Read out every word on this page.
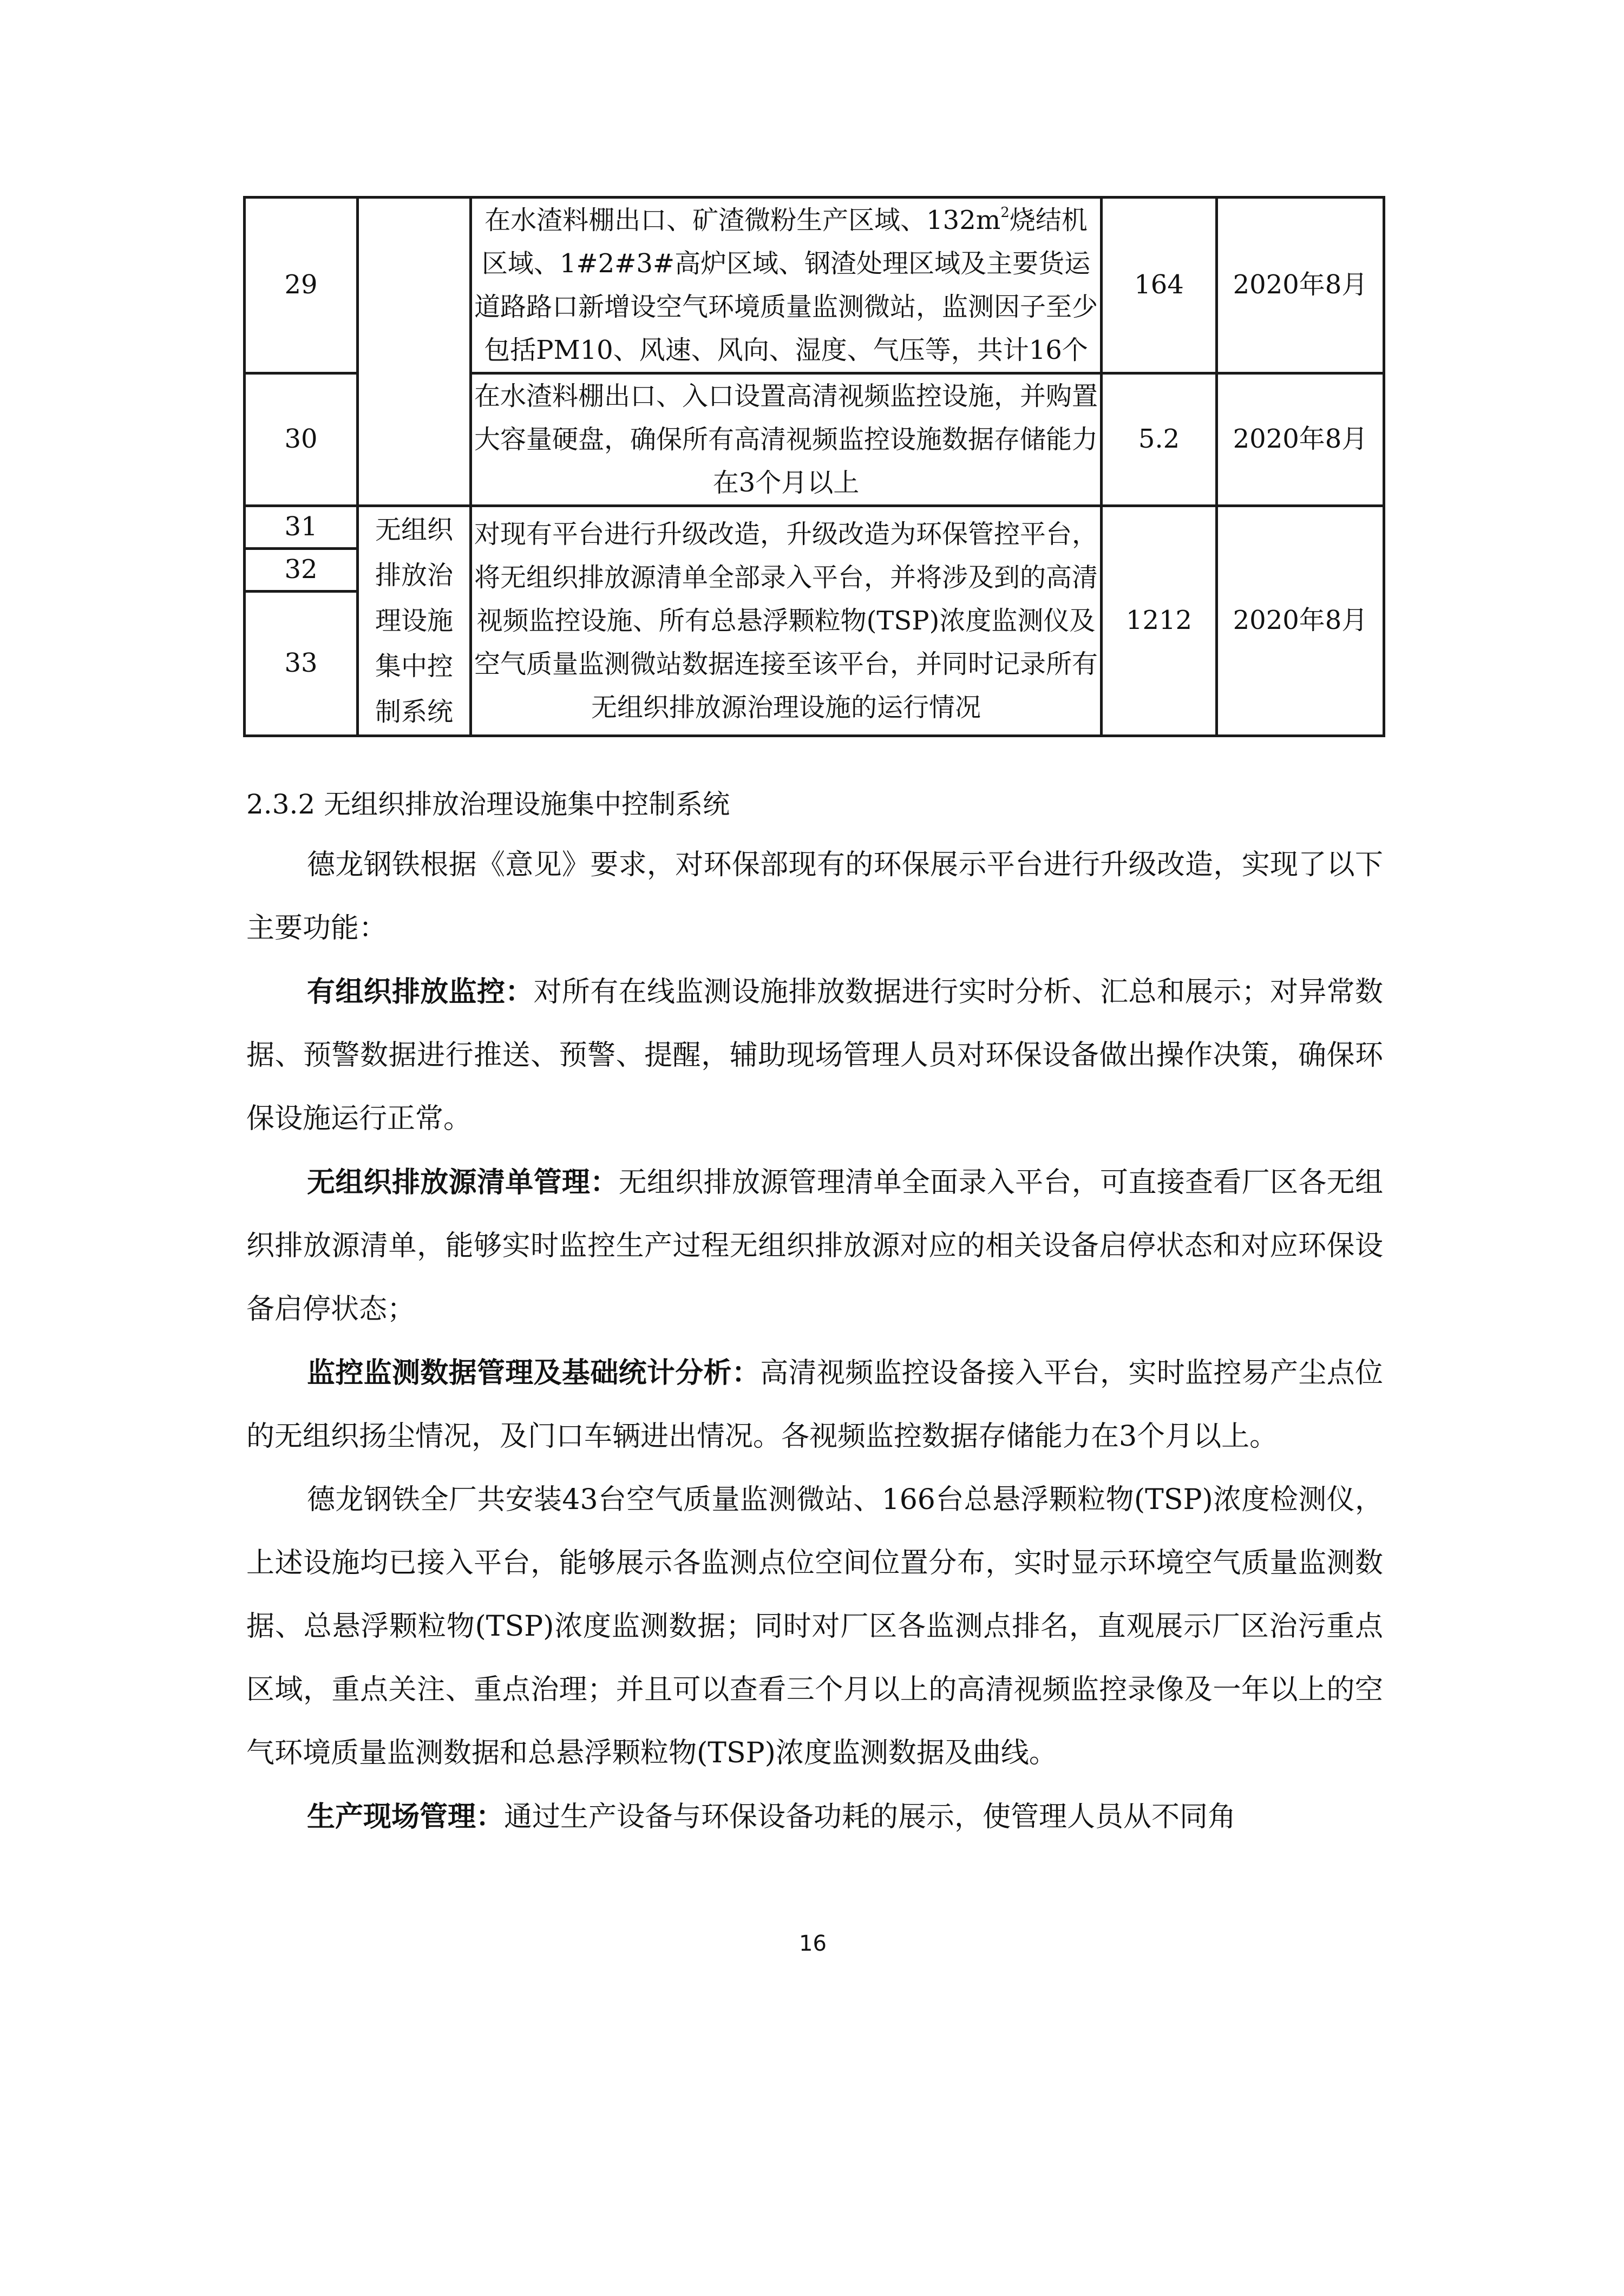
29		在水渣料棚出口、矿渣微粉生产区域、$132m^2$烧结机区域、1#2#3#高炉区域、钢渣处理区域及主要货运道路路口新增设空气环境质量监测微站，监测因子至少包括PM10、风速、风向、湿度、气压等，共计16个	164	2020年8月
30		在水渣料棚出口、入口设置高清视频监控设施，并购置大容量硬盘，确保所有高清视频监控设施数据存储能力在3个月以上	5.2	2020年8月
31	无组织排放治理设施集中控制系统	对现有平台进行升级改造，升级改造为环保管控平台，将无组织排放源清单全部录入平台，并将涉及到的高清视频监控设施、所有总悬浮颗粒物(TSP)浓度监测仪及空气质量监测微站数据连接至该平台，并同时记录所有无组织排放源治理设施的运行情况	1212	2020年8月
32				
33				
2.3.2 无组织排放治理设施集中控制系统

德龙钢铁根据《意见》要求，对环保部现有的环保展示平台进行升级改造，实现了以下主要功能：

有组织排放监控：对所有在线监测设施排放数据进行实时分析、汇总和展示；对异常数据、预警数据进行推送、预警、提醒，辅助现场管理人员对环保设备做出操作决策，确保环保设施运行正常。

无组织排放源清单管理：无组织排放源管理清单全面录入平台，可直接查看厂区各无组织排放源清单，能够实时监控生产过程无组织排放源对应的相关设备启停状态和对应环保设备启停状态；

监控监测数据管理及基础统计分析：高清视频监控设备接入平台，实时监控易产尘点位的无组织扬尘情况，及门口车辆进出情况。各视频监控数据存储能力在3个月以上。

德龙钢铁全厂共安装43台空气质量监测微站、166台总悬浮颗粒物(TSP)浓度检测仪，上述设施均已接入平台，能够展示各监测点位空间位置分布，实时显示环境空气质量监测数据、总悬浮颗粒物(TSP)浓度监测数据；同时对厂区各监测点排名，直观展示厂区治污重点区域，重点关注、重点治理；并且可以查看三个月以上的高清视频监控录像及一年以上的空气环境质量监测数据和总悬浮颗粒物(TSP)浓度监测数据及曲线。

生产现场管理：通过生产设备与环保设备功耗的展示，使管理人员从不同角

16
